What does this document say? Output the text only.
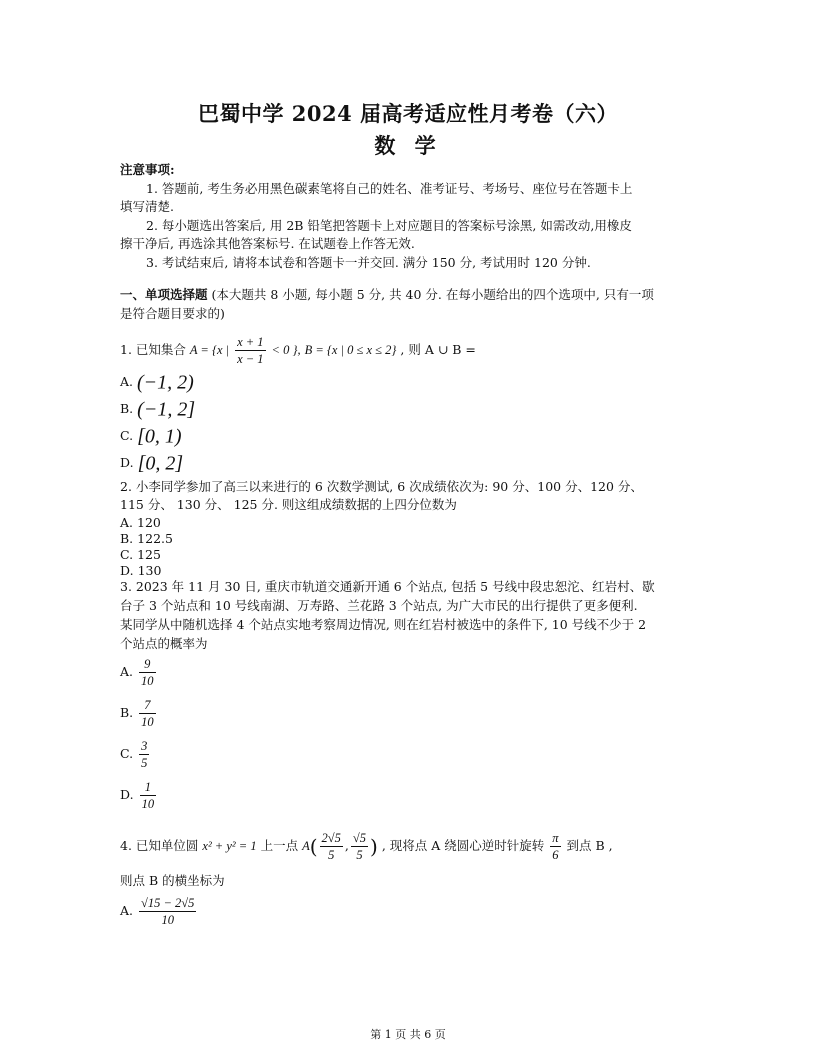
巴蜀中学 2024 届高考适应性月考卷（六）
数 学
注意事项:
1. 答题前, 考生务必用黑色碳素笔将自己的姓名、准考证号、考场号、座位号在答题卡上
填写清楚.
2. 每小题选出答案后, 用 2B 铅笔把答题卡上对应题目的答案标号涂黑, 如需改动,用橡皮
擦干净后, 再选涂其他答案标号. 在试题卷上作答无效.
3. 考试结束后, 请将本试卷和答题卡一并交回. 满分 150 分, 考试用时 120 分钟.
一、单项选择题 (本大题共 8 小题, 每小题 5 分, 共 40 分. 在每小题给出的四个选项中, 只有一项
是符合题目要求的)
1. 已知集合 A = {x | $\frac{x + 1}{x - 1} < 0$ }, B = {x | 0 ≤ x ≤ 2} , 则 A ∪ B =
A. (−1, 2)
B. (−1, 2]
C. [0, 1)
D. [0, 2]
2. 小李同学参加了高三以来进行的 6 次数学测试, 6 次成绩依次为: 90 分、100 分、120 分、
115 分、 130 分、 125 分. 则这组成绩数据的上四分位数为
A. 120
B. 122.5
C. 125
D. 130
3. 2023 年 11 月 30 日, 重庆市轨道交通新开通 6 个站点, 包括 5 号线中段忠恕沱、红岩村、歇
台子 3 个站点和 10 号线南湖、万寿路、兰花路 3 个站点, 为广大市民的出行提供了更多便利.
某同学从中随机选择 4 个站点实地考察周边情况, 则在红岩村被选中的条件下, 10 号线不少于 2
个站点的概率为
A. $\frac{9}{10}$
B. $\frac{7}{10}$
C. $\frac{3}{5}$
D. $\frac{1}{10}$
4. 已知单位圆 x² + y² = 1 上一点 $A( \frac{2√5}{5}$ , $\frac{√5}{5}$ ) , 现将点 A 绕圆心逆时针旋转 $\frac{\pi}{6}$ 到点 B ,
则点 B 的横坐标为
A. $\frac{√15 - 2√5}{10}$
第 1 页 共 6 页
